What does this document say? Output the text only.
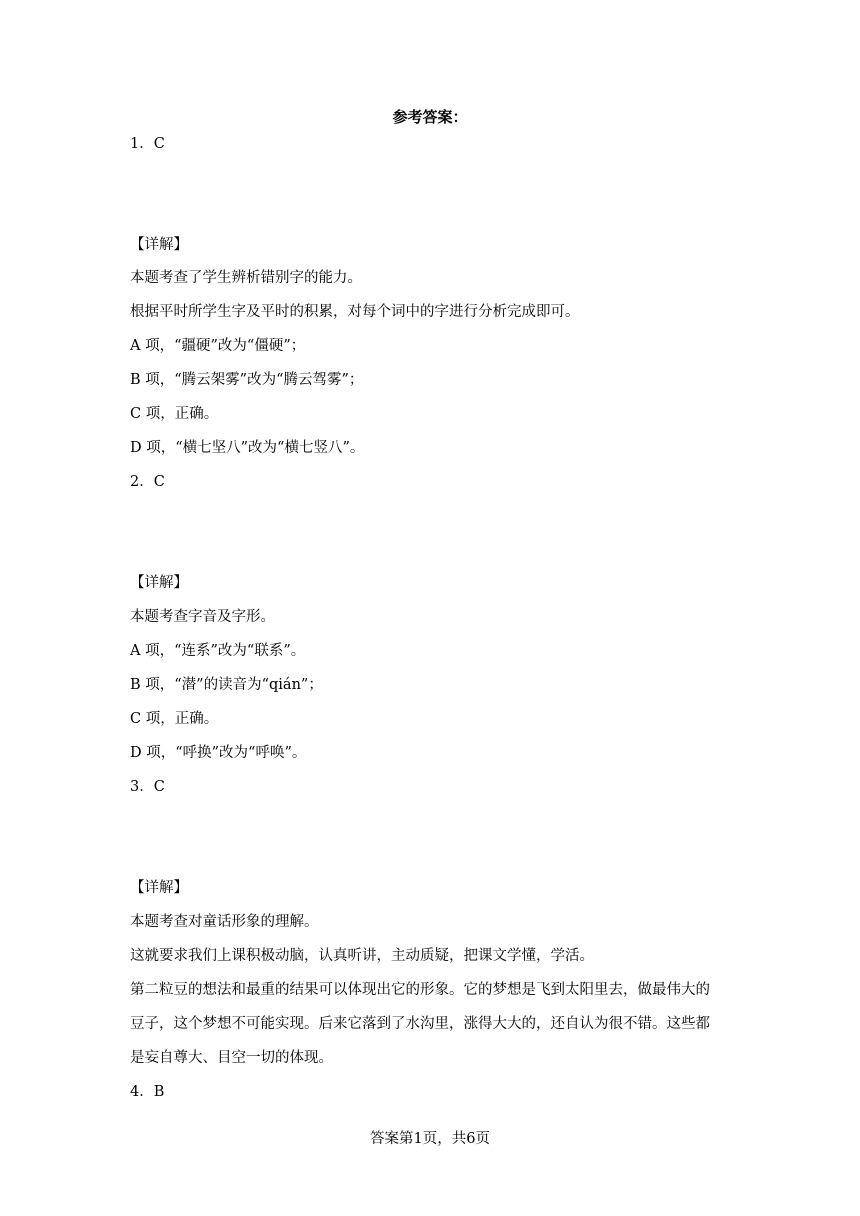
参考答案：
1．C
【详解】
本题考查了学生辨析错别字的能力。
根据平时所学生字及平时的积累，对每个词中的字进行分析完成即可。
A 项，“疆硬”改为“僵硬”；
B 项，“腾云架雾”改为“腾云驾雾”；
C 项，正确。
D 项，“横七坚八”改为“横七竖八”。
2．C
【详解】
本题考查字音及字形。
A 项，“连系”改为“联系”。
B 项，“潜”的读音为“qián”；
C 项，正确。
D 项，“呼换”改为“呼唤”。
3．C
【详解】
本题考查对童话形象的理解。
这就要求我们上课积极动脑，认真听讲，主动质疑，把课文学懂，学活。
第二粒豆的想法和最重的结果可以体现出它的形象。它的梦想是飞到太阳里去，做最伟大的
豆子，这个梦想不可能实现。后来它落到了水沟里，涨得大大的，还自认为很不错。这些都
是妄自尊大、目空一切的体现。
4．B
答案第1页，共6页
